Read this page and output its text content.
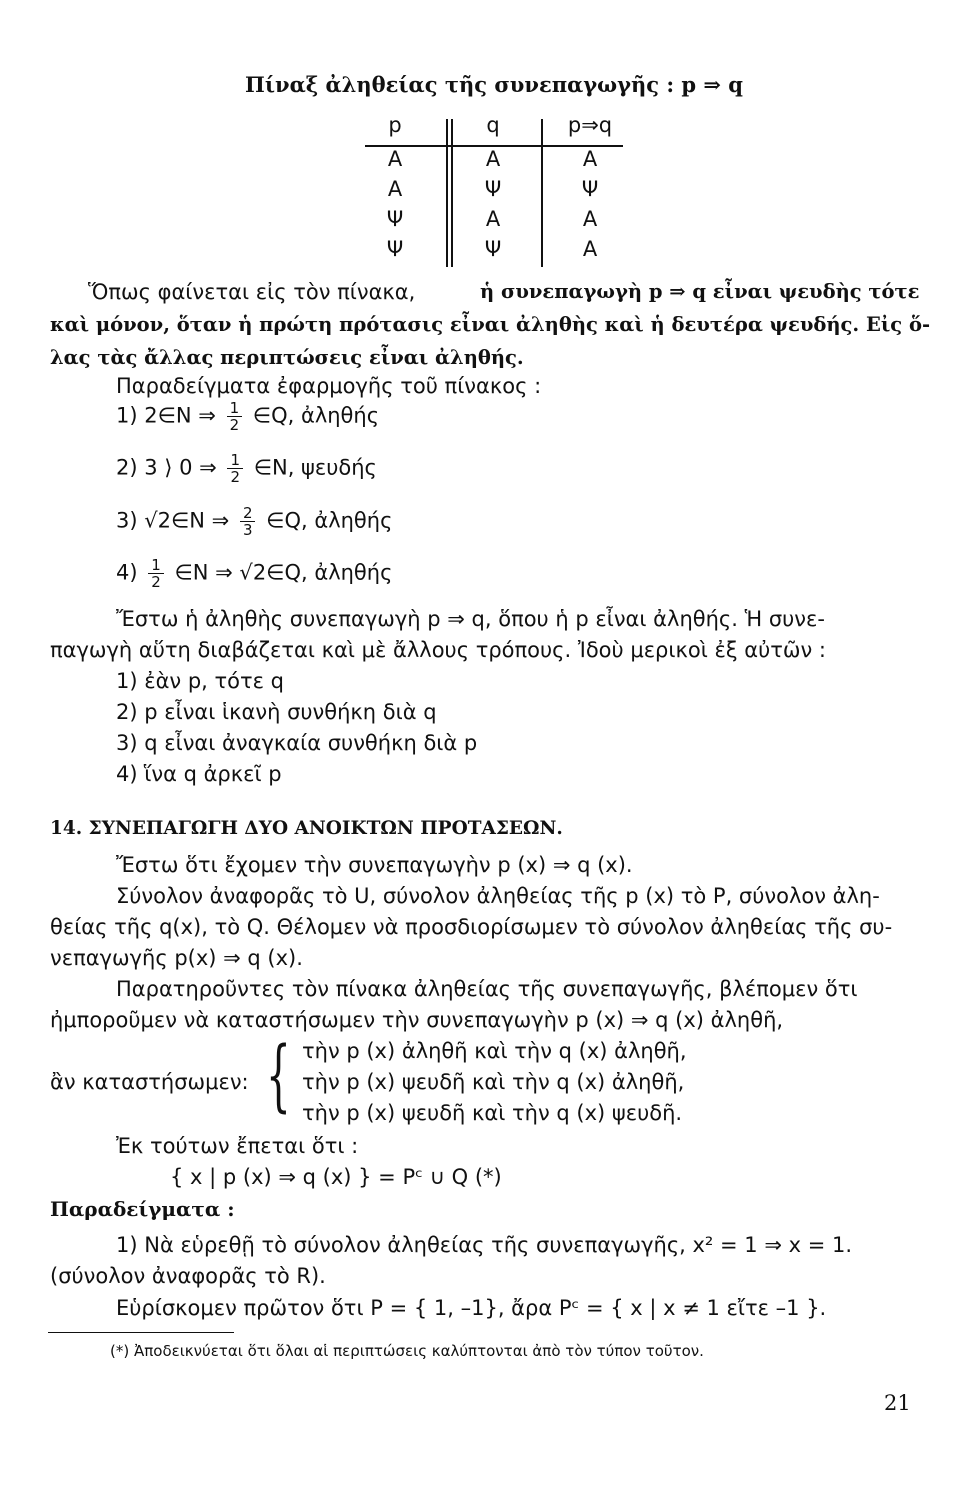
Πίναξ ἀληθείας τῆς συνεπαγωγῆς : p ⇒ q
p	q	p⇒q
Α	Α	Α
Α	Ψ	Ψ
Ψ	Α	Α
Ψ	Ψ	Α
Ὅπως φαίνεται εἰς τὸν πίνακα,	ἡ συνεπαγωγὴ p ⇒ q εἶναι ψευδὴς τότε
καὶ μόνον, ὅταν ἡ πρώτη πρότασις εἶναι ἀληθὴς καὶ ἡ δευτέρα ψευδής. Εἰς ὅ-
λας τὰς ἄλλας περιπτώσεις εἶναι ἀληθής.
Παραδείγματα ἐφαρμογῆς τοῦ πίνακος :
1) 2∈N ⇒ $\frac{1}{2}$ ∈Q, ἀληθής
2) 3 ⟩ 0 ⇒ $\frac{1}{2}$ ∈N, ψευδής
3) √2∈N ⇒ $\frac{2}{3}$ ∈Q, ἀληθής
$4) \frac{1}{2}$ ∈N ⇒ √2∈Q, ἀληθής
Ἔστω ἡ ἀληθὴς συνεπαγωγὴ p ⇒ q, ὅπου ἡ p εἶναι ἀληθής. Ἡ συνε-
παγωγὴ αὕτη διαβάζεται καὶ μὲ ἄλλους τρόπους. Ἰδοὺ μερικοὶ ἐξ αὐτῶν :
1) ἐὰν p, τότε q
2) p εἶναι ἱκανὴ συνθήκη διὰ q
3) q εἶναι ἀναγκαία συνθήκη διὰ p
4) ἵνα q ἀρκεῖ p
14. ΣΥΝΕΠΑΓΩΓΗ ΔΥΟ ΑΝΟΙΚΤΩΝ ΠΡΟΤΑΣΕΩΝ.
Ἔστω ὅτι ἔχομεν τὴν συνεπαγωγὴν p (x) ⇒ q (x).
Σύνολον ἀναφορᾶς τὸ U, σύνολον ἀληθείας τῆς p (x) τὸ P, σύνολον ἀλη-
θείας τῆς q(x), τὸ Q. Θέλομεν νὰ προσδιορίσωμεν τὸ σύνολον ἀληθείας τῆς συ-
νεπαγωγῆς p(x) ⇒ q (x).
Παρατηροῦντες τὸν πίνακα ἀληθείας τῆς συνεπαγωγῆς, βλέπομεν ὅτι
ἠμποροῦμεν νὰ καταστήσωμεν τὴν συνεπαγωγὴν p (x) ⇒ q (x) ἀληθῆ,
ἂν καταστήσωμεν: { τὴν p (x) ἀληθῆ καὶ τὴν q (x) ἀληθῆ,
τὴν p (x) ψευδῆ καὶ τὴν q (x) ἀληθῆ,
τὴν p (x) ψευδῆ καὶ τὴν q (x) ψευδῆ.
Ἐκ τούτων ἔπεται ὅτι :
{ x | p (x) ⇒ q (x) } = Pᶜ ∪ Q (*)
Παραδείγματα :
1) Νὰ εὑρεθῇ τὸ σύνολον ἀληθείας τῆς συνεπαγωγῆς, x² = 1 ⇒ x = 1.
(σύνολον ἀναφορᾶς τὸ R).
Εὑρίσκομεν πρῶτον ὅτι P = { 1, –1}, ἄρα Pᶜ = { x | x ≠ 1 εἴτε –1 }.
(*) Ἀποδεικνύεται ὅτι ὅλαι αἱ περιπτώσεις καλύπτονται ἀπὸ τὸν τύπον τοῦτον.
21
